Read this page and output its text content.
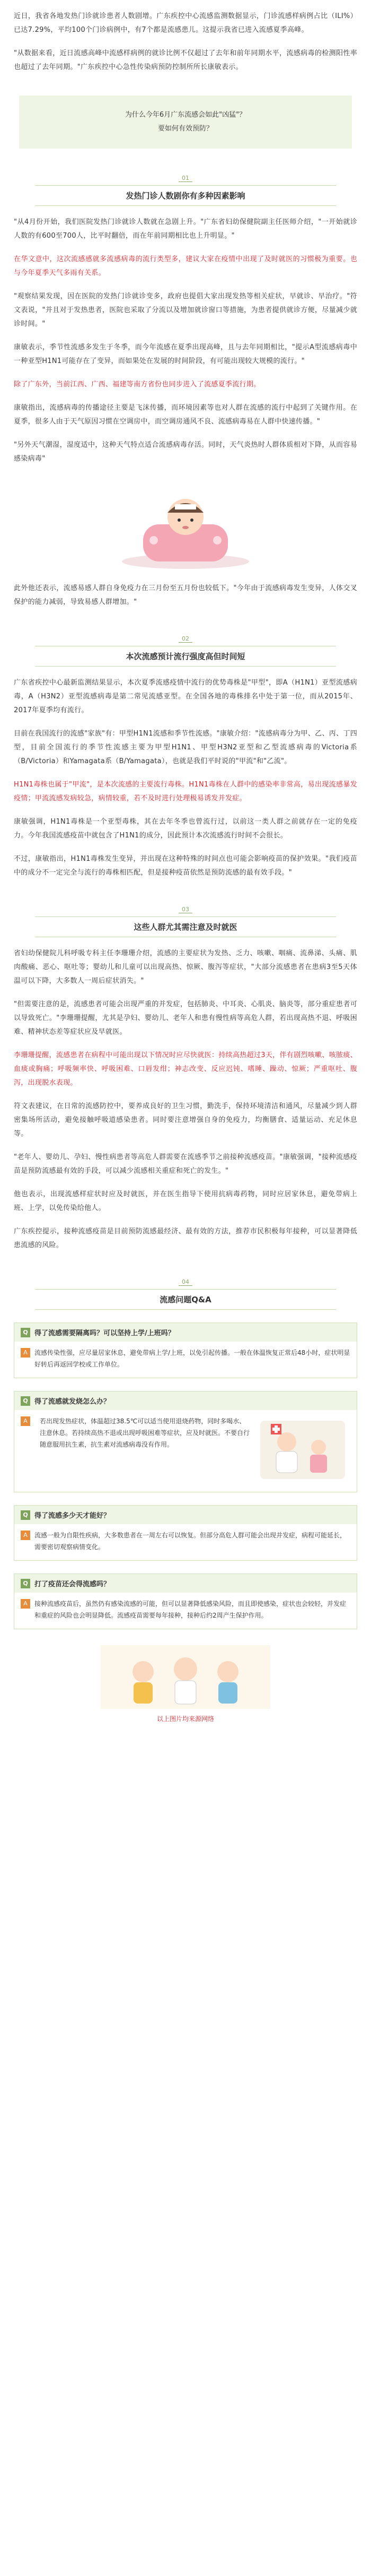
近日，我省各地发热门诊就诊患者人数剧增。广东疾控中心流感监测数据显示，门诊流感样病例占比（ILI%）已达7.29%，平均100个门诊病例中，有7个都是流感患儿。这提示我省已进入流感夏季高峰。

"从数据来看，近日流感高峰中流感样病例的就诊比例不仅超过了去年和前年同期水平，流感病毒的检测阳性率也超过了去年同期。"广东疾控中心急性传染病预防控制所所长康敏表示。

为什么今年6月广东流感会如此"凶猛"？
要如何有效预防？
01
发热门诊人数剧你有多种因素影响

"从4月份开始，我们医院发热门诊就诊人数就在急剧上升。"广东省妇幼保健院副主任医师介绍，"一开始就诊人数的有600至700人，比平时翻倍，而在年前同期相比也上升明显。"

在华文意中，这次流感感就多流感病毒的流行类型多，建议大家在疫情中出现了及时就医的习惯极为重要。也与今年夏季天气多雨有关系。

"观察结果发现，因在医院的发热门诊就诊变多，政府也提倡大家出现发热等相关症状，早就诊、早治疗。"符文表说，"并且对于发热患者，医院也采取了分流以及增加就诊窗口等措施，为患者提供就诊方便，尽量减少就诊时间。"

康敏表示，季节性流感多发生于冬季，而今年流感在夏季出现高峰，且与去年同期相比，"提示A型流感病毒中一种亚型H1N1可能存在了变异，而如果处在发展的时间阶段，有可能出现较大规模的流行。"

除了广东外，当前江西、广西、福建等南方省份也同步进入了流感夏季流行期。

康敏指出，流感病毒的传播途径主要是飞沫传播，而环境因素等也对人群在流感的流行中起到了关键作用。在夏季，很多人由于天气原因习惯在空调房中，而空调房通风不良、流感病毒易在人群中快速传播。"

"另外天气潮湿，湿度适中，这种天气特点适合流感病毒存活。同时，天气炎热时人群体质相对下降，从而容易感染病毒"

此外他还表示，流感易感人群自身免疫力在三月份至五月份也较低下。"今年由于流感病毒发生变异，人体交叉保护的能力减弱，导致易感人群增加。"

02
本次流感预计流行强度高但时间短

广东省疾控中心最新监测结果显示，本次夏季流感疫情中流行的优势毒株是"甲型"，即A（H1N1）亚型流感病毒，A（H3N2）亚型流感病毒是第二常见流感亚型。在全国各地的毒株排名中处于第一位，而从2015年、2017年夏季均有流行。

目前在我国流行的流感"家族"有：甲型H1N1流感和季节性流感。"康敏介绍："流感病毒分为甲、乙、丙、丁四型，目前全国流行的季节性流感主要为甲型H1N1、甲型H3N2亚型和乙型流感病毒的Victoria系（B/Victoria）和Yamagata系（B/Yamagata），也就是我们平时说的"甲流"和"乙流"。

H1N1毒株也属于"甲流"，是本次流感的主要流行毒株。H1N1毒株在人群中的感染率非常高，易出现流感暴发疫情；甲流流感发病较急，病情较重，若不及时进行处理极易诱发并发症。

康敏强调，H1N1毒株是一个亚型毒株，其在去年冬季也曾流行过，以前这一类人群之前就存在一定的免疫力。今年我国流感疫苗中就包含了H1N1的成分，因此预计本次流感流行时间不会很长。

不过，康敏指出，H1N1毒株发生变异，并出现在这种特殊的时间点也可能会影响疫苗的保护效果。"我们疫苗中的成分不一定完全与流行的毒株相匹配，但是接种疫苗依然是预防流感的最有效手段。"

03
这些人群尤其需注意及时就医

省妇幼保健院儿科呼吸专科主任李珊珊介绍，流感的主要症状为发热、乏力、咳嗽、咽痛、流鼻涕、头痛、肌肉酸痛、恶心、呕吐等；婴幼儿和儿童可以出现高热、惊厥、腹泻等症状，"大部分流感患者在患病3至5天体温可以下降，大多数人一周后症状消失。"

"但需要注意的是，流感患者可能会出现严重的并发症，包括肺炎、中耳炎、心肌炎、脑炎等，部分重症患者可以导致死亡。"李珊珊提醒，尤其是孕妇、婴幼儿、老年人和患有慢性病等高危人群，若出现高热不退、呼吸困难、精神状态差等症状应及早就医。

李珊珊提醒，流感患者在病程中可能出现以下情况时应尽快就医：持续高热超过3天，伴有剧烈咳嗽、咳脓痰、血痰或胸痛；呼吸频率快、呼吸困难、口唇发绀；神志改变、反应迟钝、嗜睡、躁动、惊厥；严重呕吐、腹泻，出现脱水表现。

符文表建议，在日常的流感防控中，要养成良好的卫生习惯，勤洗手，保持环境清洁和通风，尽量减少到人群密集场所活动，避免接触呼吸道感染患者。同时要注意增强自身的免疫力，均衡膳食、适量运动、充足休息等。

"老年人、婴幼儿、孕妇、慢性病患者等高危人群需要在流感季节之前接种流感疫苗。"康敏强调，"接种流感疫苗是预防流感最有效的手段，可以减少流感相关重症和死亡的发生。"

他也表示，出现流感样症状时应及时就医，并在医生指导下使用抗病毒药物，同时应居家休息，避免带病上班、上学，以免传染给他人。

广东疾控提示，接种流感疫苗是目前预防流感最经济、最有效的方法，推荐市民积极每年接种，可以显著降低患流感的风险。

04
流感问题Q&A
Q 得了流感需要隔离吗？可以坚持上学/上班吗？
A	流感传染性强，应尽量居家休息，避免带病上学/上班，以免引起传播。一般在体温恢复正常后48小时，症状明显好转后再返回学校或工作单位。
Q 得了流感就发烧怎么办？
A	若出现发热症状，体温超过38.5℃可以适当使用退烧药物，同时多喝水、注意休息。若持续高热不退或出现呼吸困难等症状，应及时就医。不要自行随意服用抗生素，抗生素对流感病毒没有作用。
Q 得了流感多少天才能好？
A	流感一般为自限性疾病，大多数患者在一周左右可以恢复。但部分高危人群可能会出现并发症，病程可能延长，需要密切观察病情变化。
Q 打了疫苗还会得流感吗？
A	接种流感疫苗后，虽然仍有感染流感的可能，但可以显著降低感染风险，而且即使感染，症状也会较轻，并发症和重症的风险也会明显降低。流感疫苗需要每年接种，接种后约2周产生保护作用。
以上图片均来源网络
